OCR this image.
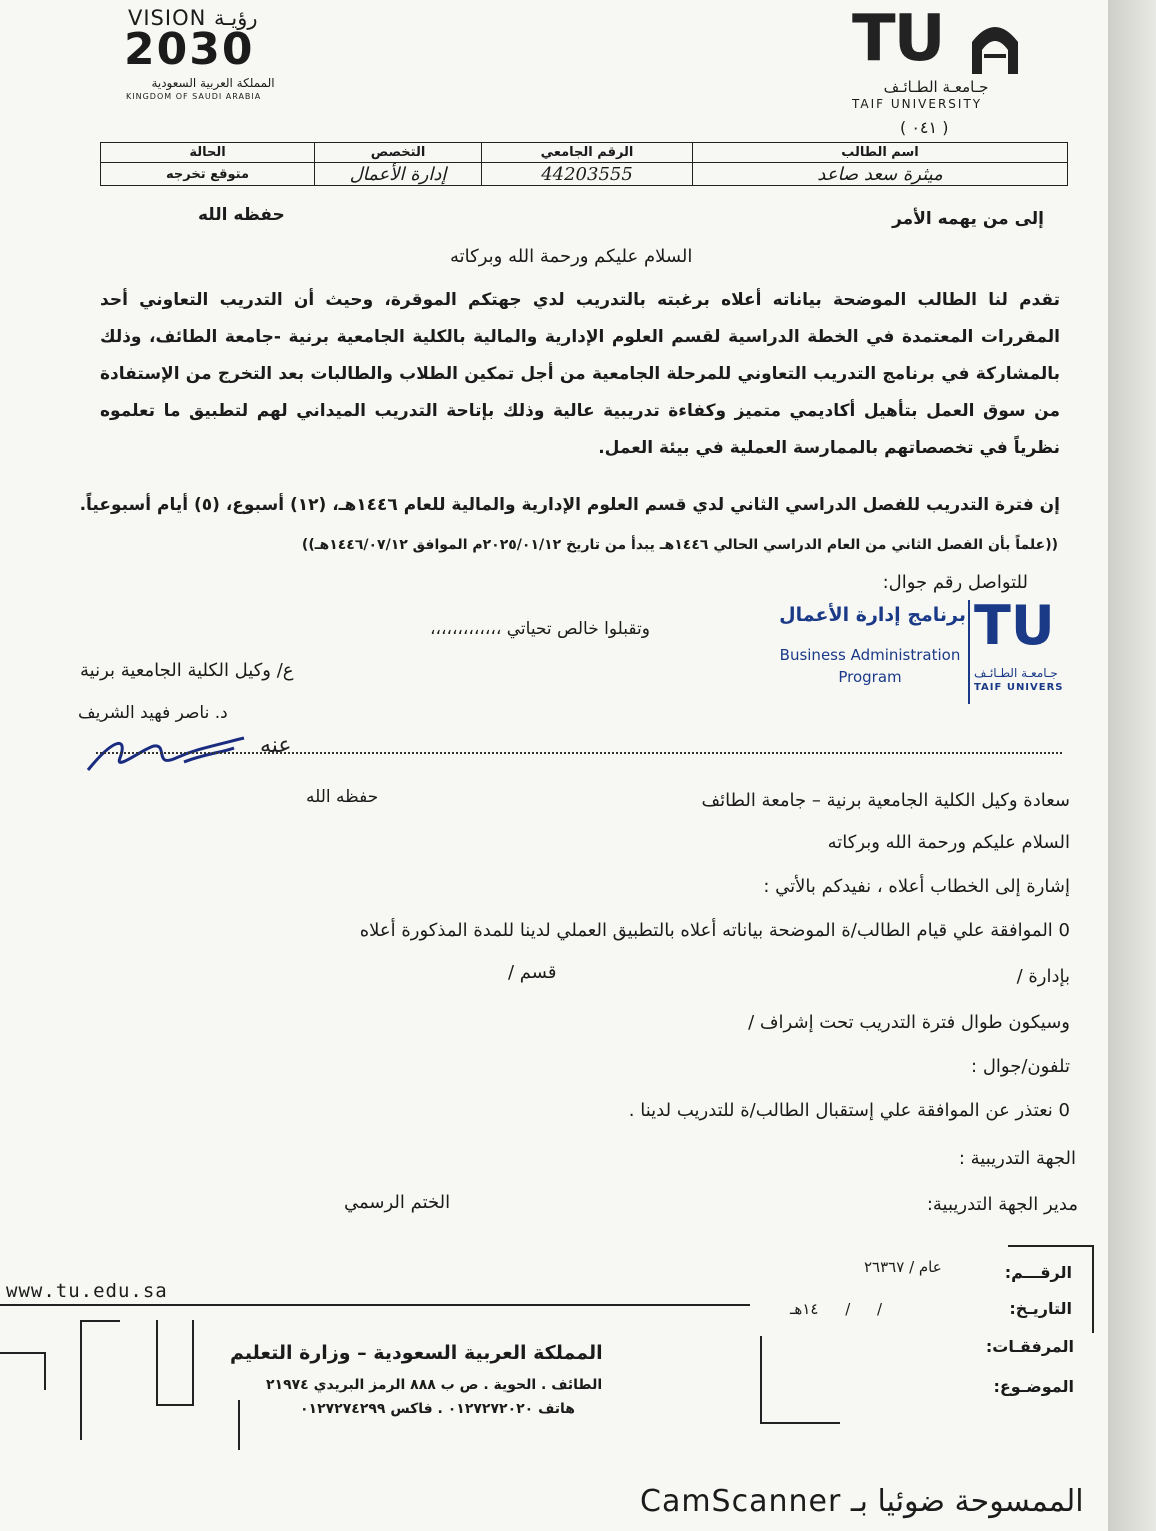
VISION رؤيـة
2030
المملكة العربية السعودية
KINGDOM OF SAUDI ARABIA
TU
جـامعـة الطـائـف
TAIF UNIVERSITY
( ٠٤١ )
اسم الطالب	الرقم الجامعي	التخصص	الحالة
ميثرة سعد صاعد	44203555	إدارة الأعمال	متوقع تخرجه
إلى من يهمه الأمر
حفظه الله
السلام عليكم ورحمة الله وبركاته
تقدم لنا الطالب الموضحة بياناته أعلاه برغبته بالتدريب لدي جهتكم الموقرة، وحيث أن التدريب التعاوني أحد المقررات المعتمدة في الخطة الدراسية لقسم العلوم الإدارية والمالية بالكلية الجامعية برنية -جامعة الطائف، وذلك بالمشاركة في برنامج التدريب التعاوني للمرحلة الجامعية من أجل تمكين الطلاب والطالبات بعد التخرج من الإستفادة من سوق العمل بتأهيل أكاديمي متميز وكفاءة تدريبية عالية وذلك بإتاحة التدريب الميداني لهم لتطبيق ما تعلموه نظرياً في تخصصاتهم بالممارسة العملية في بيئة العمل.
إن فترة التدريب للفصل الدراسي الثاني لدي قسم العلوم الإدارية والمالية للعام ١٤٤٦هـ، (١٢) أسبوع، (٥) أيام أسبوعياً.
((علماً بأن الفصل الثاني من العام الدراسي الحالي ١٤٤٦هـ يبدأ من تاريخ ٢٠٢٥/٠١/١٢م الموافق ١٤٤٦/٠٧/١٢هـ))
للتواصل رقم جوال:
وتقبلوا خالص تحياتي ،،،،،،،،،،،،،
برنامج إدارة الأعمال
Business Administration
Program
TU
جـامعـة الطـائـف
TAIF UNIVERS
ع/ وكيل الكلية الجامعية برنية
د. ناصر فهيد الشريف
عنه
سعادة وكيل الكلية الجامعية برنية – جامعة الطائف
حفظه الله
السلام عليكم ورحمة الله وبركاته
إشارة إلى الخطاب أعلاه ، نفيدكم بالأتي :
0 الموافقة علي قيام الطالب/ة الموضحة بياناته أعلاه بالتطبيق العملي لدينا للمدة المذكورة أعلاه
بإدارة /
قسم /
وسيكون طوال فترة التدريب تحت إشراف /
تلفون/جوال :
0 نعتذر عن الموافقة علي إستقبال الطالب/ة للتدريب لدينا .
الجهة التدريبية :
مدير الجهة التدريبية:
الختم الرسمي
الرقـــم:
عام / ٢٦٣٦٧
التاريـخ:
/ / ١٤هـ
المرفقـات:
الموضـوع:
www.tu.edu.sa
المملكة العربية السعودية – وزارة التعليم
الطائف . الحوية . ص ب ٨٨٨ الرمز البريدي ٢١٩٧٤
هاتف ٠١٢٧٢٧٢٠٢٠ . فاكس ٠١٢٧٢٧٤٢٩٩
الممسوحة ضوئيا بـ CamScanner
